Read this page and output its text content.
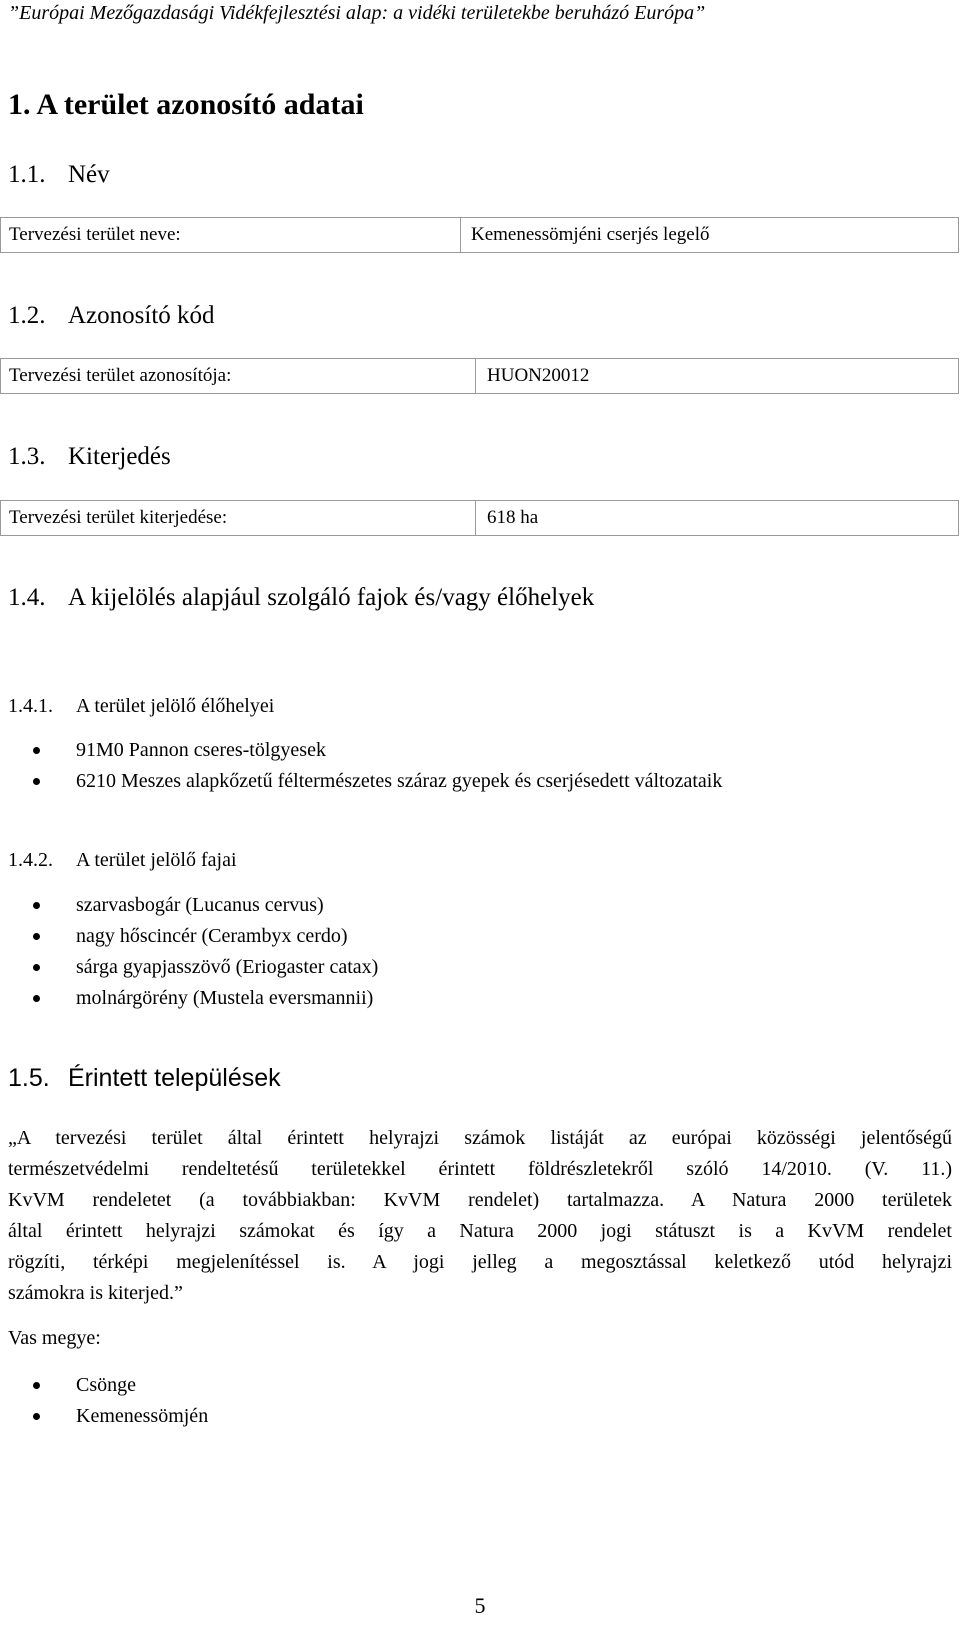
”Európai Mezőgazdasági Vidékfejlesztési alap: a vidéki területekbe beruházó Európa”
1. A terület azonosító adatai
1.1. Név
Tervezési terület neve:	Kemenessömjéni cserjés legelő
1.2. Azonosító kód
Tervezési terület azonosítója:	HUON20012
1.3. Kiterjedés
Tervezési terület kiterjedése:	618 ha
1.4. A kijelölés alapjául szolgáló fajok és/vagy élőhelyek
1.4.1. A terület jelölő élőhelyei
91M0 Pannon cseres-tölgyesek
6210 Meszes alapkőzetű féltermészetes száraz gyepek és cserjésedett változataik
1.4.2. A terület jelölő fajai
szarvasbogár (Lucanus cervus)
nagy hőscincér (Cerambyx cerdo)
sárga gyapjasszövő (Eriogaster catax)
molnárgörény (Mustela eversmannii)
1.5. Érintett települések
„A tervezési terület által érintett helyrajzi számok listáját az európai közösségi jelentőségű
természetvédelmi rendeltetésű területekkel érintett földrészletekről szóló 14/2010. (V. 11.)
KvVM rendeletet (a továbbiakban: KvVM rendelet) tartalmazza. A Natura 2000 területek
által érintett helyrajzi számokat és így a Natura 2000 jogi státuszt is a KvVM rendelet
rögzíti, térképi megjelenítéssel is. A jogi jelleg a megosztással keletkező utód helyrajzi
számokra is kiterjed.”
Vas megye:
Csönge
Kemenessömjén
5
